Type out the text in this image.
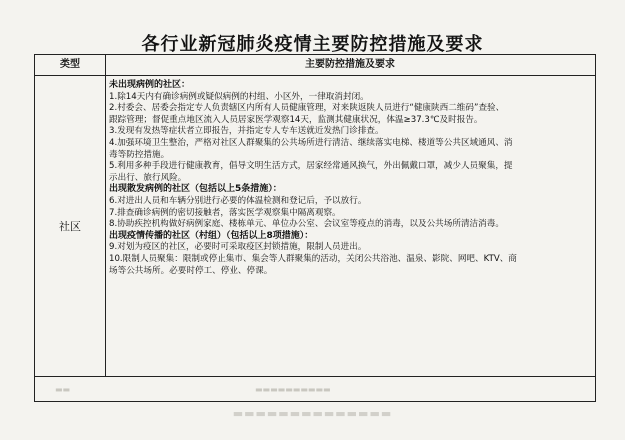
各行业新冠肺炎疫情主要防控措施及要求
类型	主要防控措施及要求
社区
未出现病例的社区：
1.除14天内有确诊病例或疑似病例的村组、小区外，一律取消封闭。
2.村委会、居委会指定专人负责辖区内所有人员健康管理，对来陕返陕人员进行“健康陕西二维码”查验、
跟踪管理；督促重点地区流入人员居家医学观察14天，监测其健康状况，体温≥37.3℃及时报告。
3.发现有发热等症状者立即报告，并指定专人专车送就近发热门诊排查。
4.加强环境卫生整治，严格对社区人群聚集的公共场所进行清洁、继续落实电梯、楼道等公共区域通风、消
毒等防控措施。
5.利用多种手段进行健康教育，倡导文明生活方式，居家经常通风换气，外出佩戴口罩，减少人员聚集，提
示出行、旅行风险。
出现散发病例的社区（包括以上5条措施）：
6.对进出人员和车辆分别进行必要的体温检测和登记后，予以放行。
7.排查确诊病例的密切接触者，落实医学观察集中隔离观察。
8.协助疾控机构做好病例家庭、楼栋单元、单位办公室、会议室等疫点的消毒，以及公共场所清洁消毒。
出现疫情传播的社区（村组）（包括以上8项措施）：
9.对划为疫区的社区，必要时可采取疫区封锁措施，限制人员进出。
10.限制人员聚集：限制或停止集市、集会等人群聚集的活动，关闭公共浴池、温泉、影院、网吧、KTV、商
场等公共场所。必要时停工、停业、停课。
▬▬	▬▬▬▬▬▬▬▬▬▬
▬▬▬▬▬▬▬▬▬▬▬▬▬▬
